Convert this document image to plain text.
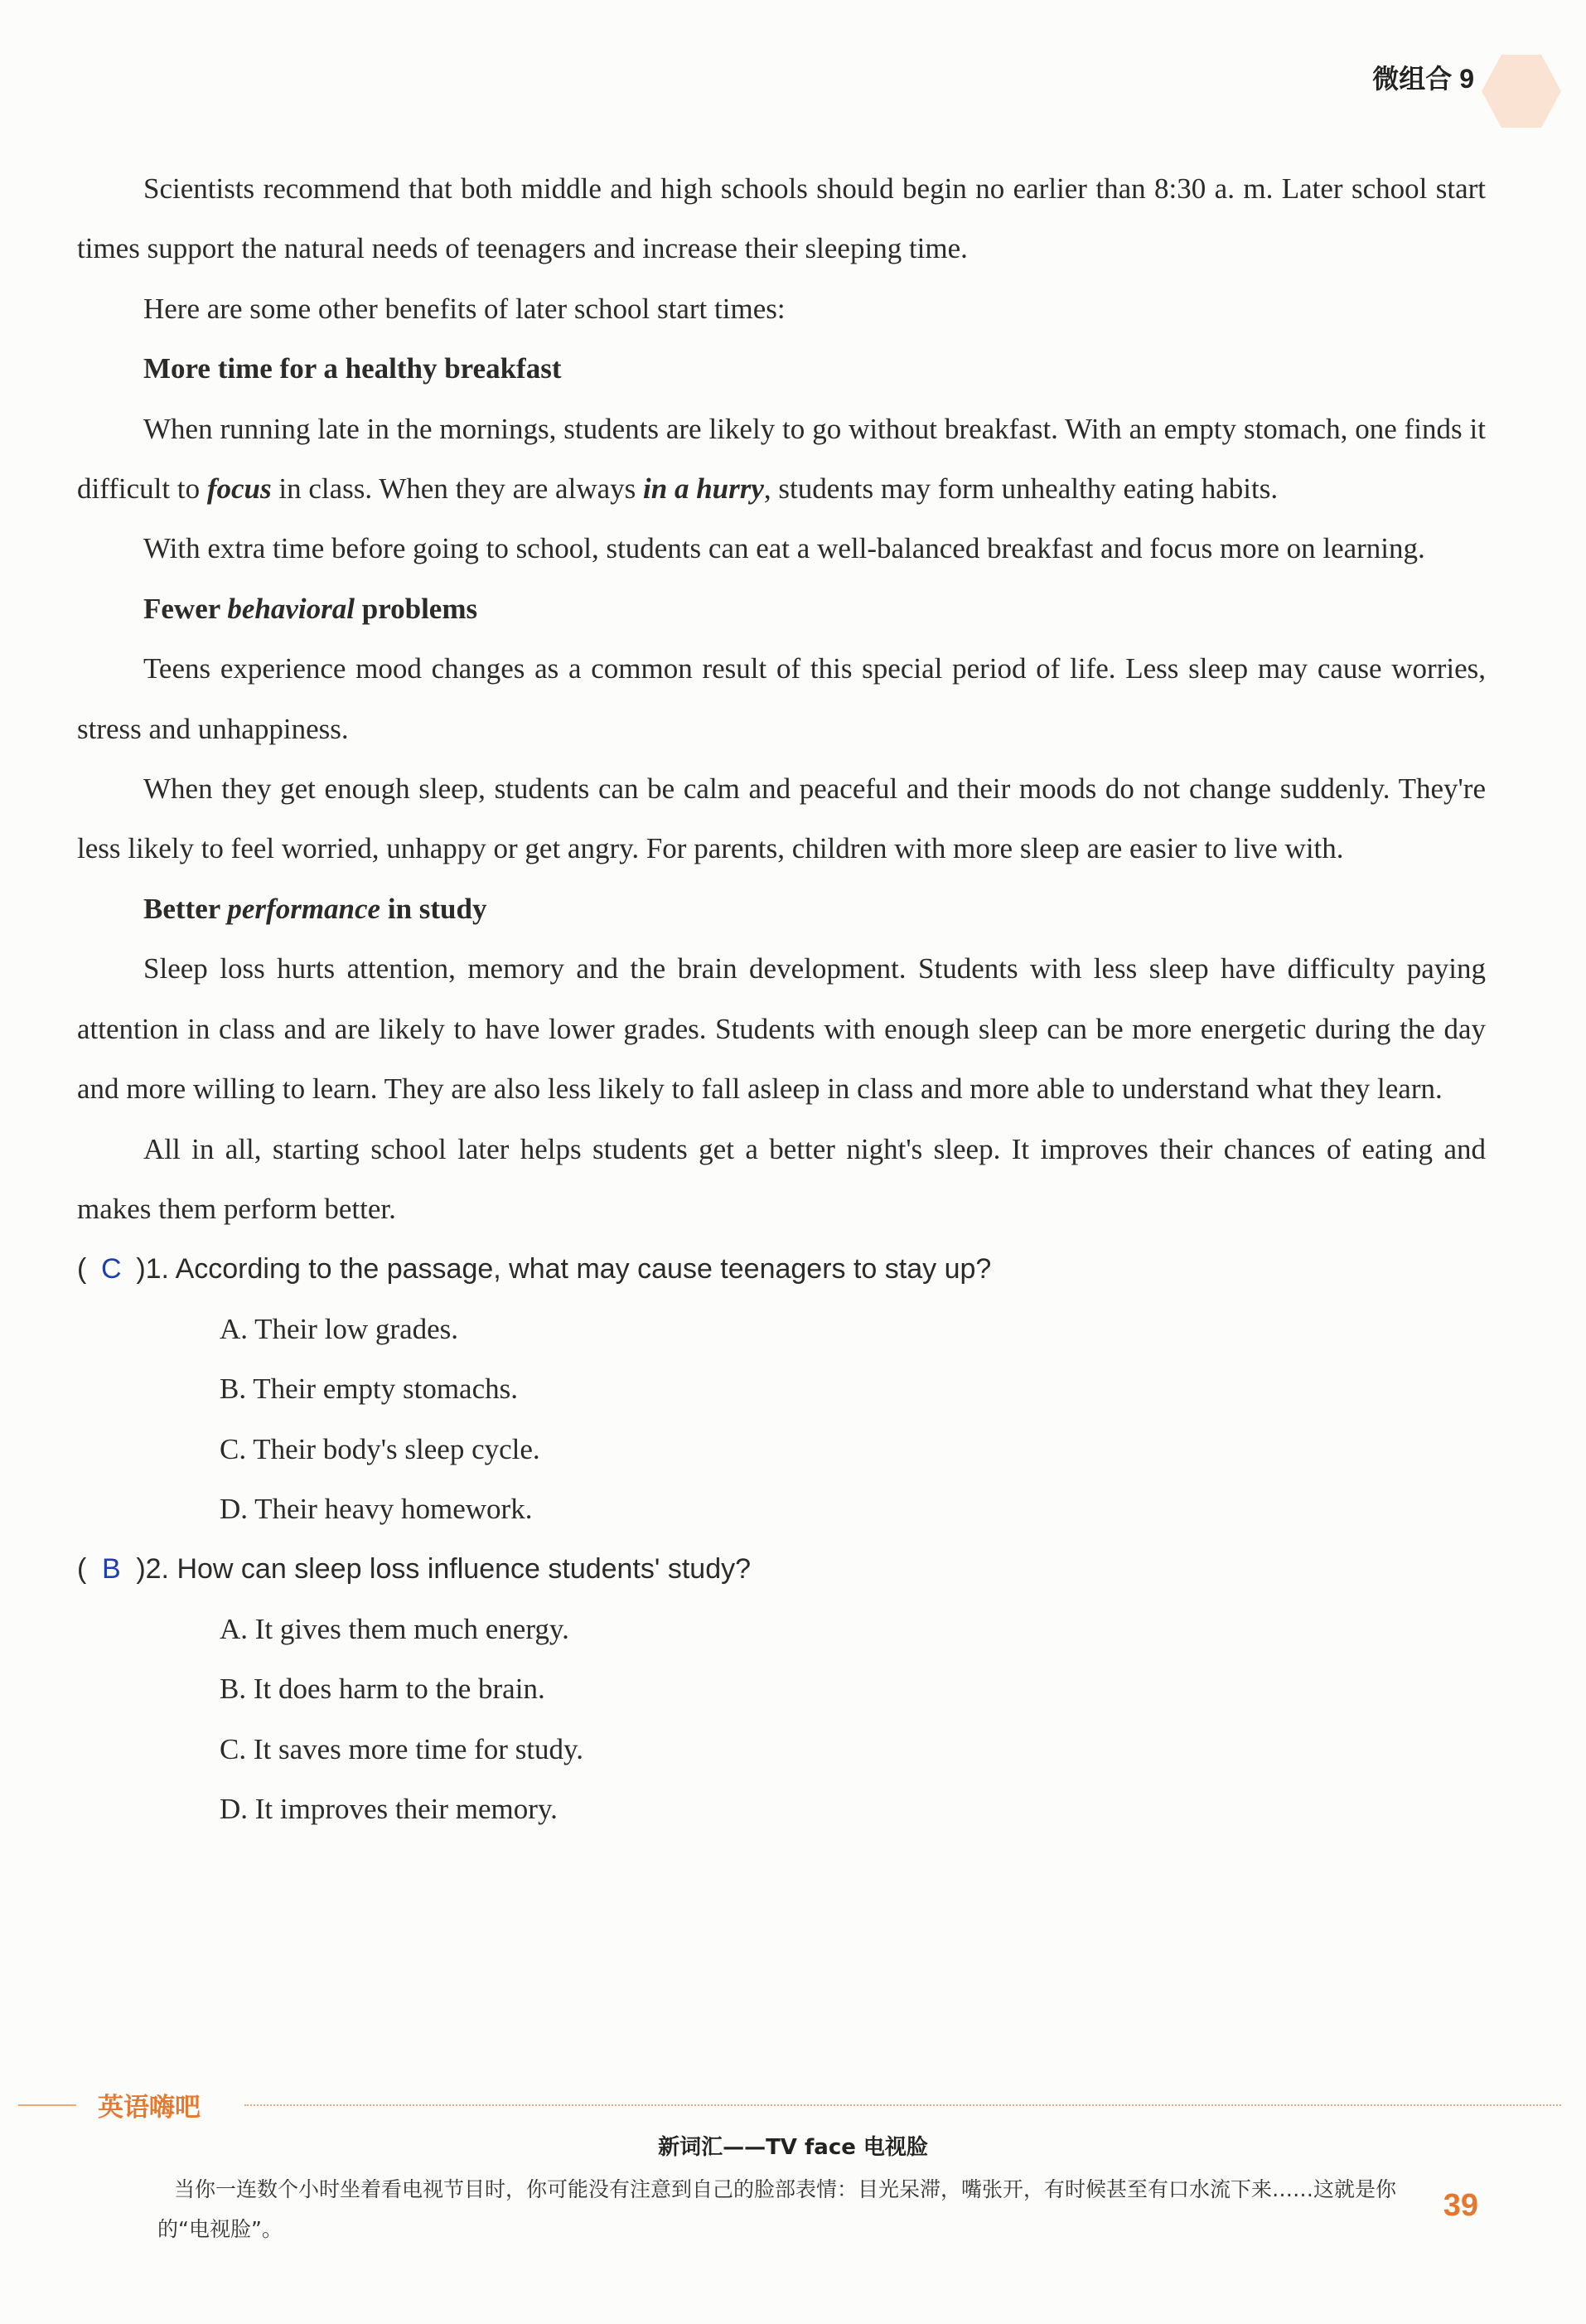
微组合 9

Scientists recommend that both middle and high schools should begin no earlier than 8:30 a. m. Later school start times support the natural needs of teenagers and increase their sleeping time.

Here are some other benefits of later school start times:

More time for a healthy breakfast

When running late in the mornings, students are likely to go without breakfast. With an empty stomach, one finds it difficult to focus in class. When they are always in a hurry, students may form unhealthy eating habits.

With extra time before going to school, students can eat a well-balanced breakfast and focus more on learning.

Fewer behavioral problems

Teens experience mood changes as a common result of this special period of life. Less sleep may cause worries, stress and unhappiness.

When they get enough sleep, students can be calm and peaceful and their moods do not change suddenly. They're less likely to feel worried, unhappy or get angry. For parents, children with more sleep are easier to live with.

Better performance in study

Sleep loss hurts attention, memory and the brain development. Students with less sleep have difficulty paying attention in class and are likely to have lower grades. Students with enough sleep can be more energetic during the day and more willing to learn. They are also less likely to fall asleep in class and more able to understand what they learn.

All in all, starting school later helps students get a better night's sleep. It improves their chances of eating and makes them perform better.

( C )1. According to the passage, what may cause teenagers to stay up?

A. Their low grades.

B. Their empty stomachs.

C. Their body's sleep cycle.

D. Their heavy homework.

( B )2. How can sleep loss influence students' study?

A. It gives them much energy.

B. It does harm to the brain.

C. It saves more time for study.

D. It improves their memory.

英语嗨吧
新词汇——TV face 电视脸
当你一连数个小时坐着看电视节目时，你可能没有注意到自己的脸部表情：目光呆滞，嘴张开，有时候甚至有口水流下来……这就是你的“电视脸”。
39
